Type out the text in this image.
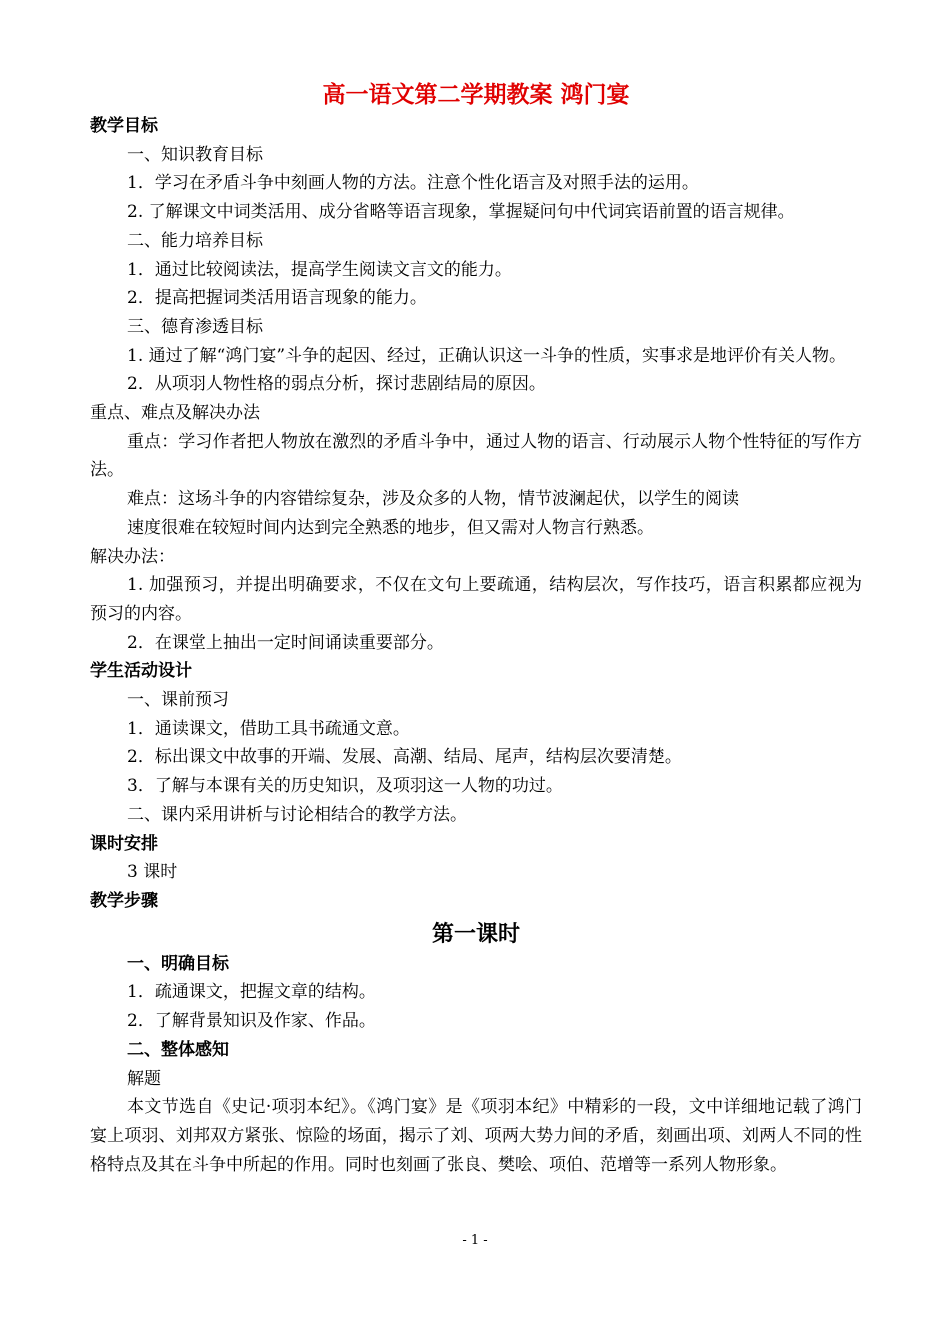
高一语文第二学期教案 鸿门宴
教学目标
一、知识教育目标
1．学习在矛盾斗争中刻画人物的方法。注意个性化语言及对照手法的运用。
2. 了解课文中词类活用、成分省略等语言现象，掌握疑问句中代词宾语前置的语言规律。
二、能力培养目标
1．通过比较阅读法，提高学生阅读文言文的能力。
2．提高把握词类活用语言现象的能力。
三、德育渗透目标
1. 通过了解“鸿门宴”斗争的起因、经过，正确认识这一斗争的性质，实事求是地评价有关人物。
2．从项羽人物性格的弱点分析，探讨悲剧结局的原因。
重点、难点及解决办法
重点：学习作者把人物放在激烈的矛盾斗争中，通过人物的语言、行动展示人物个性特征的写作方法。
难点：这场斗争的内容错综复杂，涉及众多的人物，情节波澜起伏，以学生的阅读
速度很难在较短时间内达到完全熟悉的地步，但又需对人物言行熟悉。
解决办法：
1. 加强预习，并提出明确要求，不仅在文句上要疏通，结构层次，写作技巧，语言积累都应视为预习的内容。
2．在课堂上抽出一定时间诵读重要部分。
学生活动设计
一、课前预习
1．通读课文，借助工具书疏通文意。
2．标出课文中故事的开端、发展、高潮、结局、尾声，结构层次要清楚。
3．了解与本课有关的历史知识，及项羽这一人物的功过。
二、课内采用讲析与讨论相结合的教学方法。
课时安排
3 课时
教学步骤
第一课时
一、明确目标
1．疏通课文，把握文章的结构。
2．了解背景知识及作家、作品。
二、整体感知
解题
本文节选自《史记·项羽本纪》。《鸿门宴》是《项羽本纪》中精彩的一段，文中详细地记载了鸿门宴上项羽、刘邦双方紧张、惊险的场面，揭示了刘、项两大势力间的矛盾，刻画出项、刘两人不同的性格特点及其在斗争中所起的作用。同时也刻画了张良、樊哙、项伯、范增等一系列人物形象。
- 1 -
